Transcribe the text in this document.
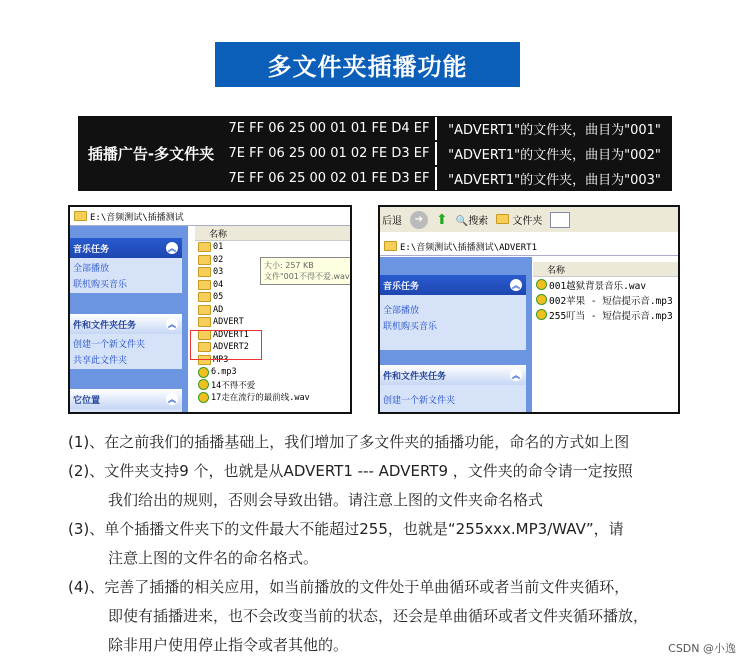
多文件夹插播功能
插播广告-多文件夹
7E FF 06 25 00 01 01 FE D4 EF	"ADVERT1"的文件夹，曲目为"001"
7E FF 06 25 00 01 02 FE D3 EF	"ADVERT1"的文件夹，曲目为"002"
7E FF 06 25 00 02 01 FE D3 EF	"ADVERT1"的文件夹，曲目为"003"
E:\音频测试\插播测试
音乐任务	︽
全部播放
联机购买音乐
件和文件夹任务	︽
创建一个新文件夹
共享此文件夹
它位置	︽
名称
01
02
03
04
05
AD
ADVERT
ADVERT1
ADVERT2
MP3
6.mp3
14不得不爱
17走在流行的最前线.wav
大小: 257 KB
文件"001不得不爱.wav
后退	➔ ⬆ 🔍搜索	文件夹
E:\音频测试\插播测试\ADVERT1
音乐任务	︽
全部播放
联机购买音乐
件和文件夹任务	︽
创建一个新文件夹
名称
001越狱背景音乐.wav
002苹果 - 短信提示音.mp3
255叮当 - 短信提示音.mp3
(1)、在之前我们的插播基础上，我们增加了多文件夹的插播功能，命名的方式如上图
(2)、文件夹支持9 个，也就是从ADVERT1 --- ADVERT9 ，文件夹的命令请一定按照
我们给出的规则，否则会导致出错。请注意上图的文件夹命名格式
(3)、单个插播文件夹下的文件最大不能超过255，也就是“255xxx.MP3/WAV”，请
注意上图的文件名的命名格式。
(4)、完善了插播的相关应用，如当前播放的文件处于单曲循环或者当前文件夹循环，
即使有插播进来，也不会改变当前的状态，还会是单曲循环或者文件夹循环播放，
除非用户使用停止指令或者其他的。	CSDN @小逸
